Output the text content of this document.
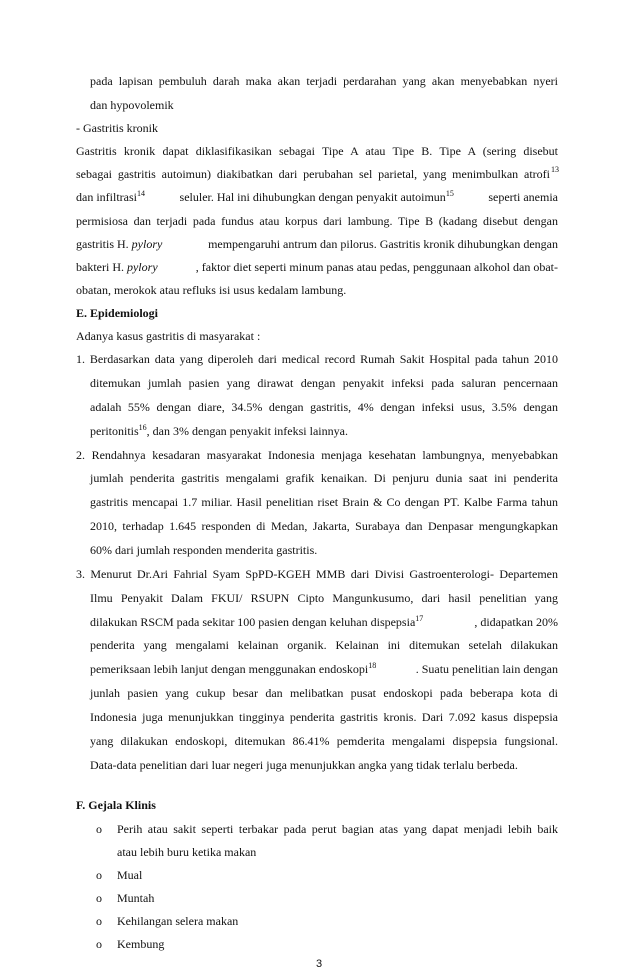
pada lapisan pembuluh darah maka akan terjadi perdarahan yang akan menyebabkan nyeri
dan hypovolemik
- Gastritis kronik
Gastritis kronik dapat diklasifikasikan sebagai Tipe A atau Tipe B. Tipe A (sering disebut
sebagai gastritis autoimun) diakibatkan dari perubahan sel parietal, yang menimbulkan atrofi 13
dan infiltrasi$^{14}$	seluler. Hal ini dihubungkan dengan penyakit autoimun$^{15}$	seperti anemia
permisiosa dan terjadi pada fundus atau korpus dari lambung. Tipe B (kadang disebut dengan
gastritis H. pylory	mempengaruhi antrum dan pilorus. Gastritis kronik dihubungkan dengan
bakteri H. pylory	, faktor diet seperti minum panas atau pedas, penggunaan alkohol dan obat-
obatan, merokok atau refluks isi usus kedalam lambung.
E. Epidemiologi
Adanya kasus gastritis di masyarakat :
1. Berdasarkan data yang diperoleh dari medical record Rumah Sakit Hospital pada tahun 2010
ditemukan jumlah pasien yang dirawat dengan penyakit infeksi pada saluran pencernaan
adalah 55% dengan diare, 34.5% dengan gastritis, 4% dengan infeksi usus, 3.5% dengan
peritonitis$^{16}$, dan 3% dengan penyakit infeksi lainnya.
2. Rendahnya kesadaran masyarakat Indonesia menjaga kesehatan lambungnya, menyebabkan
jumlah penderita gastritis mengalami grafik kenaikan. Di penjuru dunia saat ini penderita
gastritis mencapai 1.7 miliar. Hasil penelitian riset Brain & Co dengan PT. Kalbe Farma tahun
2010, terhadap 1.645 responden di Medan, Jakarta, Surabaya dan Denpasar mengungkapkan
60% dari jumlah responden menderita gastritis.
3. Menurut Dr.Ari Fahrial Syam SpPD-KGEH MMB dari Divisi Gastroenterologi- Departemen
Ilmu Penyakit Dalam FKUI/ RSUPN Cipto Mangunkusumo, dari hasil penelitian yang
dilakukan RSCM pada sekitar 100 pasien dengan keluhan dispepsia$^{17}$	, didapatkan 20%
penderita yang mengalami kelainan organik. Kelainan ini ditemukan setelah dilakukan
pemeriksaan lebih lanjut dengan menggunakan endoskopi$^{18}$	. Suatu penelitian lain dengan
junlah pasien yang cukup besar dan melibatkan pusat endoskopi pada beberapa kota di
Indonesia juga menunjukkan tingginya penderita gastritis kronis. Dari 7.092 kasus dispepsia
yang dilakukan endoskopi, ditemukan 86.41% pemderita mengalami dispepsia fungsional.
Data-data penelitian dari luar negeri juga menunjukkan angka yang tidak terlalu berbeda.
F. Gejala Klinis
o Perih atau sakit seperti terbakar pada perut bagian atas yang dapat menjadi lebih baik
atau lebih buru ketika makan
o Mual
o Muntah
o Kehilangan selera makan
o Kembung
3
